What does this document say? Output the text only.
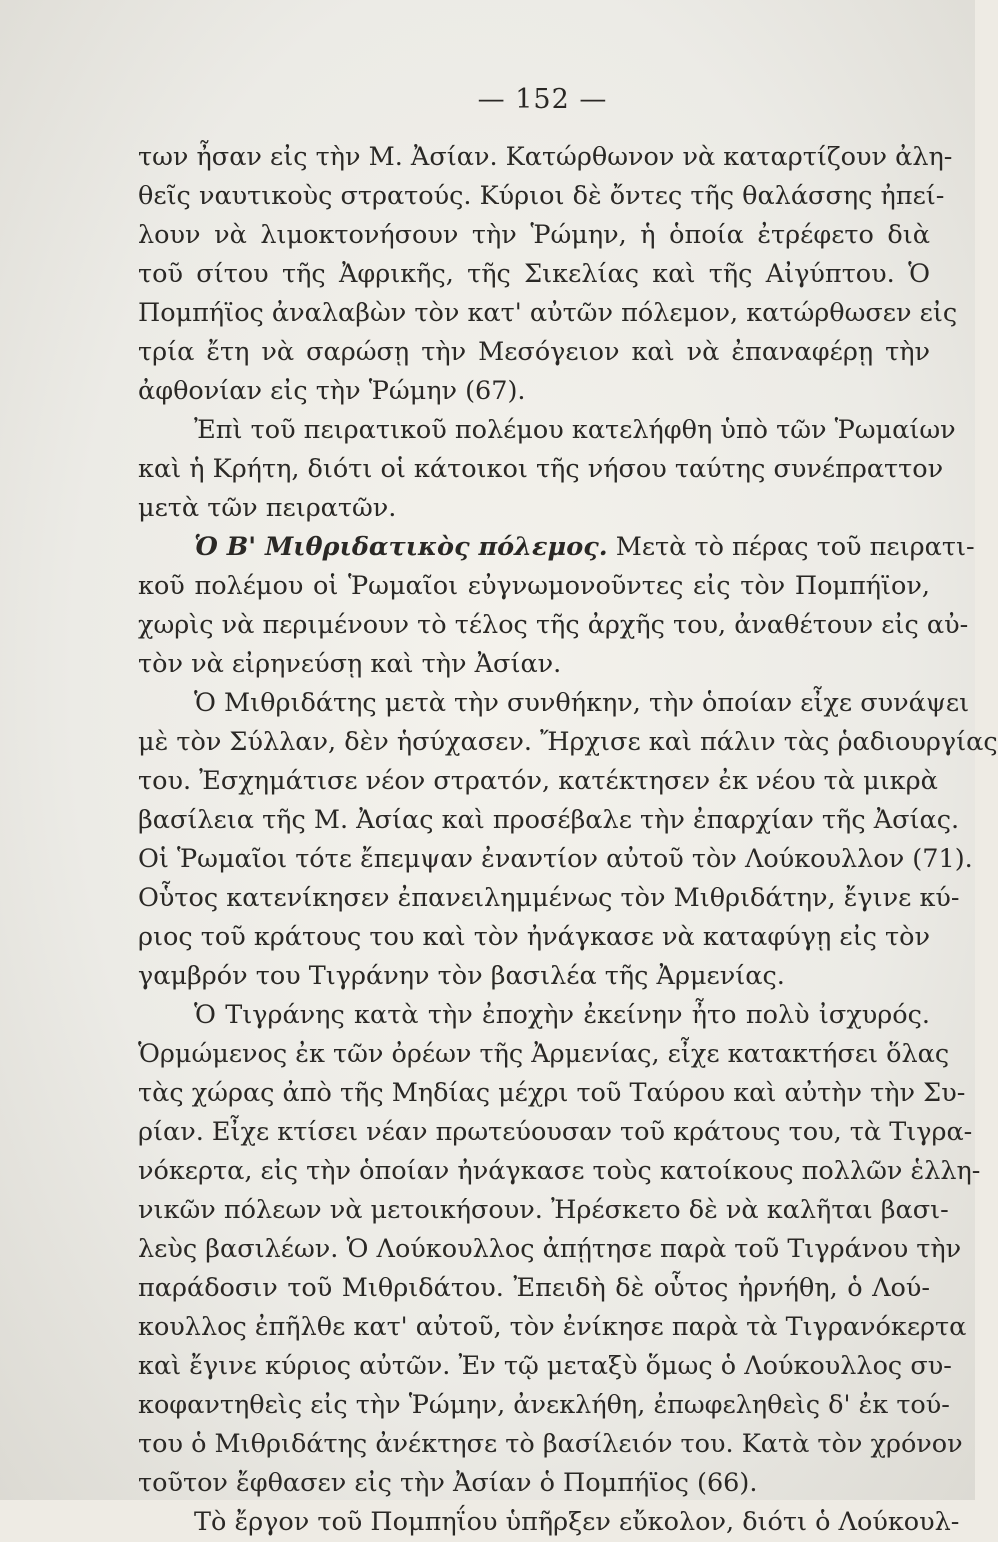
— 152 —
των ἦσαν εἰς τὴν Μ. Ἀσίαν. Κατώρθωνον νὰ καταρτίζουν ἀλη-
θεῖς ναυτικοὺς στρατούς. Κύριοι δὲ ὄντες τῆς θαλάσσης ἠπεί-
λουν νὰ λιμοκτονήσουν τὴν Ῥώμην, ἡ ὁποία ἐτρέφετο διὰ
τοῦ σίτου τῆς Ἀφρικῆς, τῆς Σικελίας καὶ τῆς Αἰγύπτου. Ὁ
Πομπήϊος ἀναλαβὼν τὸν κατ' αὐτῶν πόλεμον, κατώρθωσεν εἰς
τρία ἔτη νὰ σαρώσῃ τὴν Μεσόγειον καὶ νὰ ἐπαναφέρῃ τὴν
ἀφθονίαν εἰς τὴν Ῥώμην (67).
Ἐπὶ τοῦ πειρατικοῦ πολέμου κατελήφθη ὑπὸ τῶν Ῥωμαίων
καὶ ἡ Κρήτη, διότι οἱ κάτοικοι τῆς νήσου ταύτης συνέπραττον
μετὰ τῶν πειρατῶν.
Ὁ Β' Μιθριδατικὸς πόλεμος. Μετὰ τὸ πέρας τοῦ πειρατι-
κοῦ πολέμου οἱ Ῥωμαῖοι εὐγνωμονοῦντες εἰς τὸν Πομπήϊον,
χωρὶς νὰ περιμένουν τὸ τέλος τῆς ἀρχῆς του, ἀναθέτουν εἰς αὐ-
τὸν νὰ εἰρηνεύσῃ καὶ τὴν Ἀσίαν.
Ὁ Μιθριδάτης μετὰ τὴν συνθήκην, τὴν ὁποίαν εἶχε συνάψει
μὲ τὸν Σύλλαν, δὲν ἡσύχασεν. Ἤρχισε καὶ πάλιν τὰς ῥαδιουργίας
του. Ἐσχημάτισε νέον στρατόν, κατέκτησεν ἐκ νέου τὰ μικρὰ
βασίλεια τῆς Μ. Ἀσίας καὶ προσέβαλε τὴν ἐπαρχίαν τῆς Ἀσίας.
Οἱ Ῥωμαῖοι τότε ἔπεμψαν ἐναντίον αὐτοῦ τὸν Λούκουλλον (71).
Οὗτος κατενίκησεν ἐπανειλημμένως τὸν Μιθριδάτην, ἔγινε κύ-
ριος τοῦ κράτους του καὶ τὸν ἠνάγκασε νὰ καταφύγῃ εἰς τὸν
γαμβρόν του Τιγράνην τὸν βασιλέα τῆς Ἀρμενίας.
Ὁ Τιγράνης κατὰ τὴν ἐποχὴν ἐκείνην ἦτο πολὺ ἰσχυρός.
Ὁρμώμενος ἐκ τῶν ὀρέων τῆς Ἀρμενίας, εἶχε κατακτήσει ὅλας
τὰς χώρας ἀπὸ τῆς Μηδίας μέχρι τοῦ Ταύρου καὶ αὐτὴν τὴν Συ-
ρίαν. Εἶχε κτίσει νέαν πρωτεύουσαν τοῦ κράτους του, τὰ Τιγρα-
νόκερτα, εἰς τὴν ὁποίαν ἠνάγκασε τοὺς κατοίκους πολλῶν ἑλλη-
νικῶν πόλεων νὰ μετοικήσουν. Ἠρέσκετο δὲ νὰ καλῆται βασι-
λεὺς βασιλέων. Ὁ Λούκουλλος ἀπῄτησε παρὰ τοῦ Τιγράνου τὴν
παράδοσιν τοῦ Μιθριδάτου. Ἐπειδὴ δὲ οὗτος ἠρνήθη, ὁ Λού-
κουλλος ἐπῆλθε κατ' αὐτοῦ, τὸν ἐνίκησε παρὰ τὰ Τιγρανόκερτα
καὶ ἔγινε κύριος αὐτῶν. Ἐν τῷ μεταξὺ ὅμως ὁ Λούκουλλος συ-
κοφαντηθεὶς εἰς τὴν Ῥώμην, ἀνεκλήθη, ἐπωφεληθεὶς δ' ἐκ τού-
του ὁ Μιθριδάτης ἀνέκτησε τὸ βασίλειόν του. Κατὰ τὸν χρόνον
τοῦτον ἔφθασεν εἰς τὴν Ἀσίαν ὁ Πομπήϊος (66).
Τὸ ἔργον τοῦ Πομπηΐου ὑπῆρξεν εὔκολον, διότι ὁ Λούκουλ-
